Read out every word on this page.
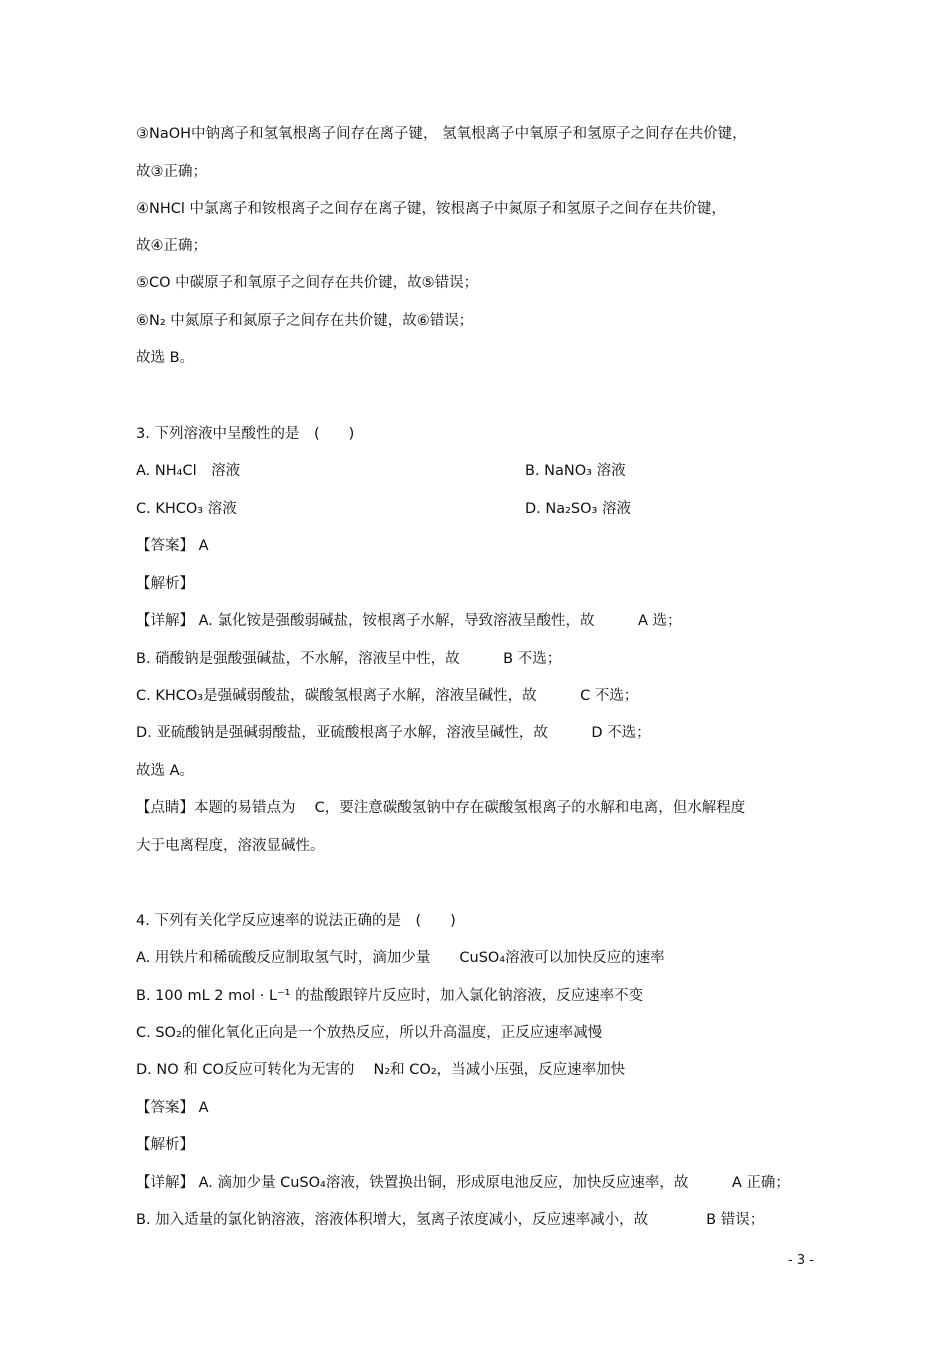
③NaOH中钠离子和氢氧根离子间存在离子键， 氢氧根离子中氧原子和氢原子之间存在共价键，
故③正确；
④NHCl 中氯离子和铵根离子之间存在离子键，铵根离子中氮原子和氢原子之间存在共价键，
故④正确；
⑤CO 中碳原子和氧原子之间存在共价键，故⑤错误；
⑥N₂ 中氮原子和氮原子之间存在共价键，故⑥错误；
故选 B。
3. 下列溶液中呈酸性的是　(　　)
A. NH₄Cl　溶液	B. NaNO₃ 溶液
C. KHCO₃ 溶液	D. Na₂SO₃ 溶液
【答案】 A
【解析】
【详解】 A. 氯化铵是强酸弱碱盐，铵根离子水解，导致溶液呈酸性，故　　　A 选；
B. 硝酸钠是强酸强碱盐，不水解，溶液呈中性，故　　　B 不选；
C. KHCO₃是强碱弱酸盐，碳酸氢根离子水解，溶液呈碱性，故　　　C 不选；
D. 亚硫酸钠是强碱弱酸盐，亚硫酸根离子水解，溶液呈碱性，故　　　D 不选；
故选 A。
【点睛】本题的易错点为　 C，要注意碳酸氢钠中存在碳酸氢根离子的水解和电离，但水解程度
大于电离程度，溶液显碱性。
4. 下列有关化学反应速率的说法正确的是　(　　)
A. 用铁片和稀硫酸反应制取氢气时，滴加少量　　CuSO₄溶液可以加快反应的速率
B. 100 mL 2 mol · L⁻¹ 的盐酸跟锌片反应时，加入氯化钠溶液，反应速率不变
C. SO₂的催化氧化正向是一个放热反应，所以升高温度，正反应速率减慢
D. NO 和 CO反应可转化为无害的　 N₂和 CO₂，当减小压强，反应速率加快
【答案】 A
【解析】
【详解】 A. 滴加少量 CuSO₄溶液，铁置换出铜，形成原电池反应，加快反应速率，故　　　A 正确；
B. 加入适量的氯化钠溶液，溶液体积增大，氢离子浓度减小，反应速率减小，故　　　　B 错误；
- 3 -
